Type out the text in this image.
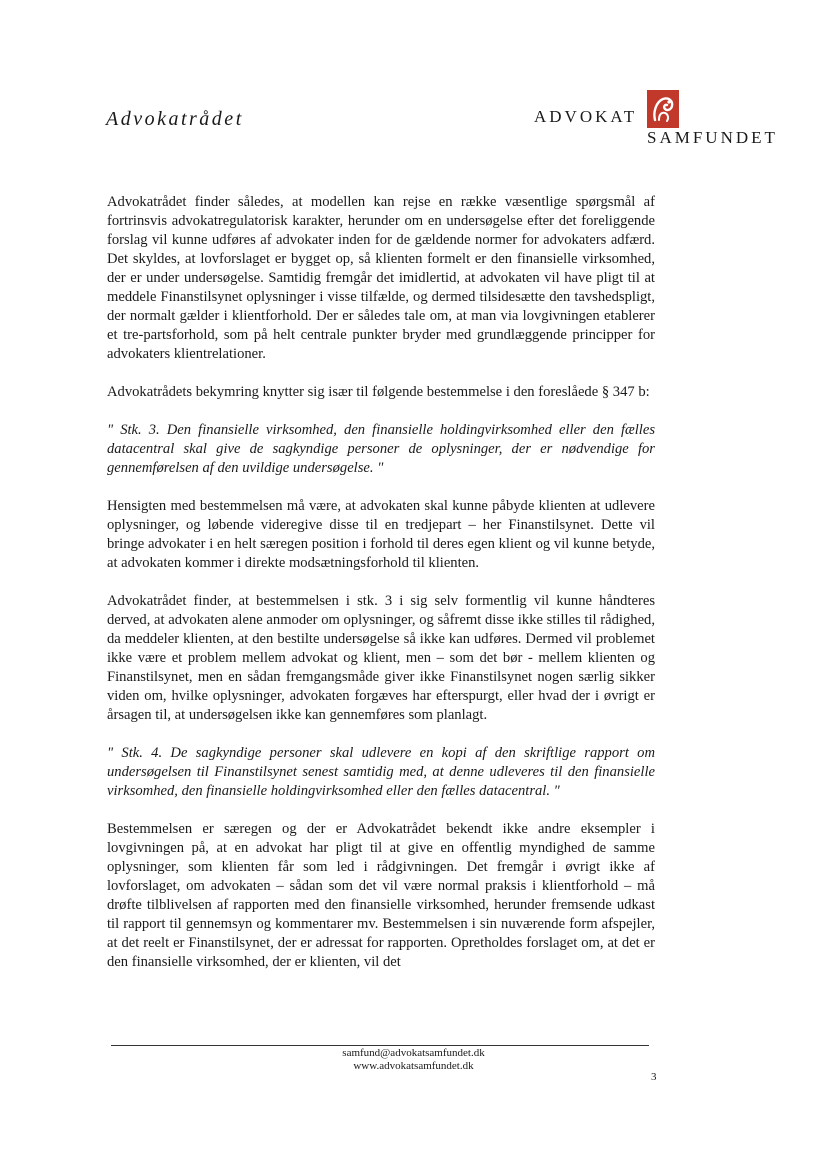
Advokatrådet	ADVOKAT
SAMFUNDET

Advokatrådet finder således, at modellen kan rejse en række væsentlige spørgsmål af fortrinsvis advokatregulatorisk karakter, herunder om en undersøgelse efter det foreliggende forslag vil kunne udføres af advokater inden for de gældende normer for advokaters adfærd. Det skyldes, at lovforslaget er bygget op, så klienten formelt er den finansielle virksomhed, der er under undersøgelse. Samtidig fremgår det imidlertid, at advokaten vil have pligt til at meddele Finanstilsynet oplysninger i visse tilfælde, og dermed tilsidesætte den tavshedspligt, der normalt gælder i klientforhold. Der er således tale om, at man via lovgivningen etablerer et tre-partsforhold, som på helt centrale punkter bryder med grundlæggende principper for advokaters klientrelationer.

Advokatrådets bekymring knytter sig især til følgende bestemmelse i den foreslåede § 347 b:

" Stk. 3. Den finansielle virksomhed, den finansielle holdingvirksomhed eller den fælles datacentral skal give de sagkyndige personer de oplysninger, der er nødvendige for gennemførelsen af den uvildige undersøgelse. "

Hensigten med bestemmelsen må være, at advokaten skal kunne påbyde klienten at udlevere oplysninger, og løbende videregive disse til en tredjepart – her Finanstilsynet. Dette vil bringe advokater i en helt særegen position i forhold til deres egen klient og vil kunne betyde, at advokaten kommer i direkte modsætningsforhold til klienten.

Advokatrådet finder, at bestemmelsen i stk. 3 i sig selv formentlig vil kunne håndteres derved, at advokaten alene anmoder om oplysninger, og såfremt disse ikke stilles til rådighed, da meddeler klienten, at den bestilte undersøgelse så ikke kan udføres. Dermed vil problemet ikke være et problem mellem advokat og klient, men – som det bør - mellem klienten og Finanstilsynet, men en sådan fremgangsmåde giver ikke Finanstilsynet nogen særlig sikker viden om, hvilke oplysninger, advokaten forgæves har efterspurgt, eller hvad der i øvrigt er årsagen til, at undersøgelsen ikke kan gennemføres som planlagt.

" Stk. 4. De sagkyndige personer skal udlevere en kopi af den skriftlige rapport om undersøgelsen til Finanstilsynet senest samtidig med, at denne udleveres til den finansielle virksomhed, den finansielle holdingvirksomhed eller den fælles datacentral. "

Bestemmelsen er særegen og der er Advokatrådet bekendt ikke andre eksempler i lovgivningen på, at en advokat har pligt til at give en offentlig myndighed de samme oplysninger, som klienten får som led i rådgivningen. Det fremgår i øvrigt ikke af lovforslaget, om advokaten – sådan som det vil være normal praksis i klientforhold – må drøfte tilblivelsen af rapporten med den finansielle virksomhed, herunder fremsende udkast til rapport til gennemsyn og kommentarer mv. Bestemmelsen i sin nuværende form afspejler, at det reelt er Finanstilsynet, der er adressat for rapporten. Opretholdes forslaget om, at det er den finansielle virksomhed, der er klienten, vil det

samfund@advokatsamfundet.dk
www.advokatsamfundet.dk
3
